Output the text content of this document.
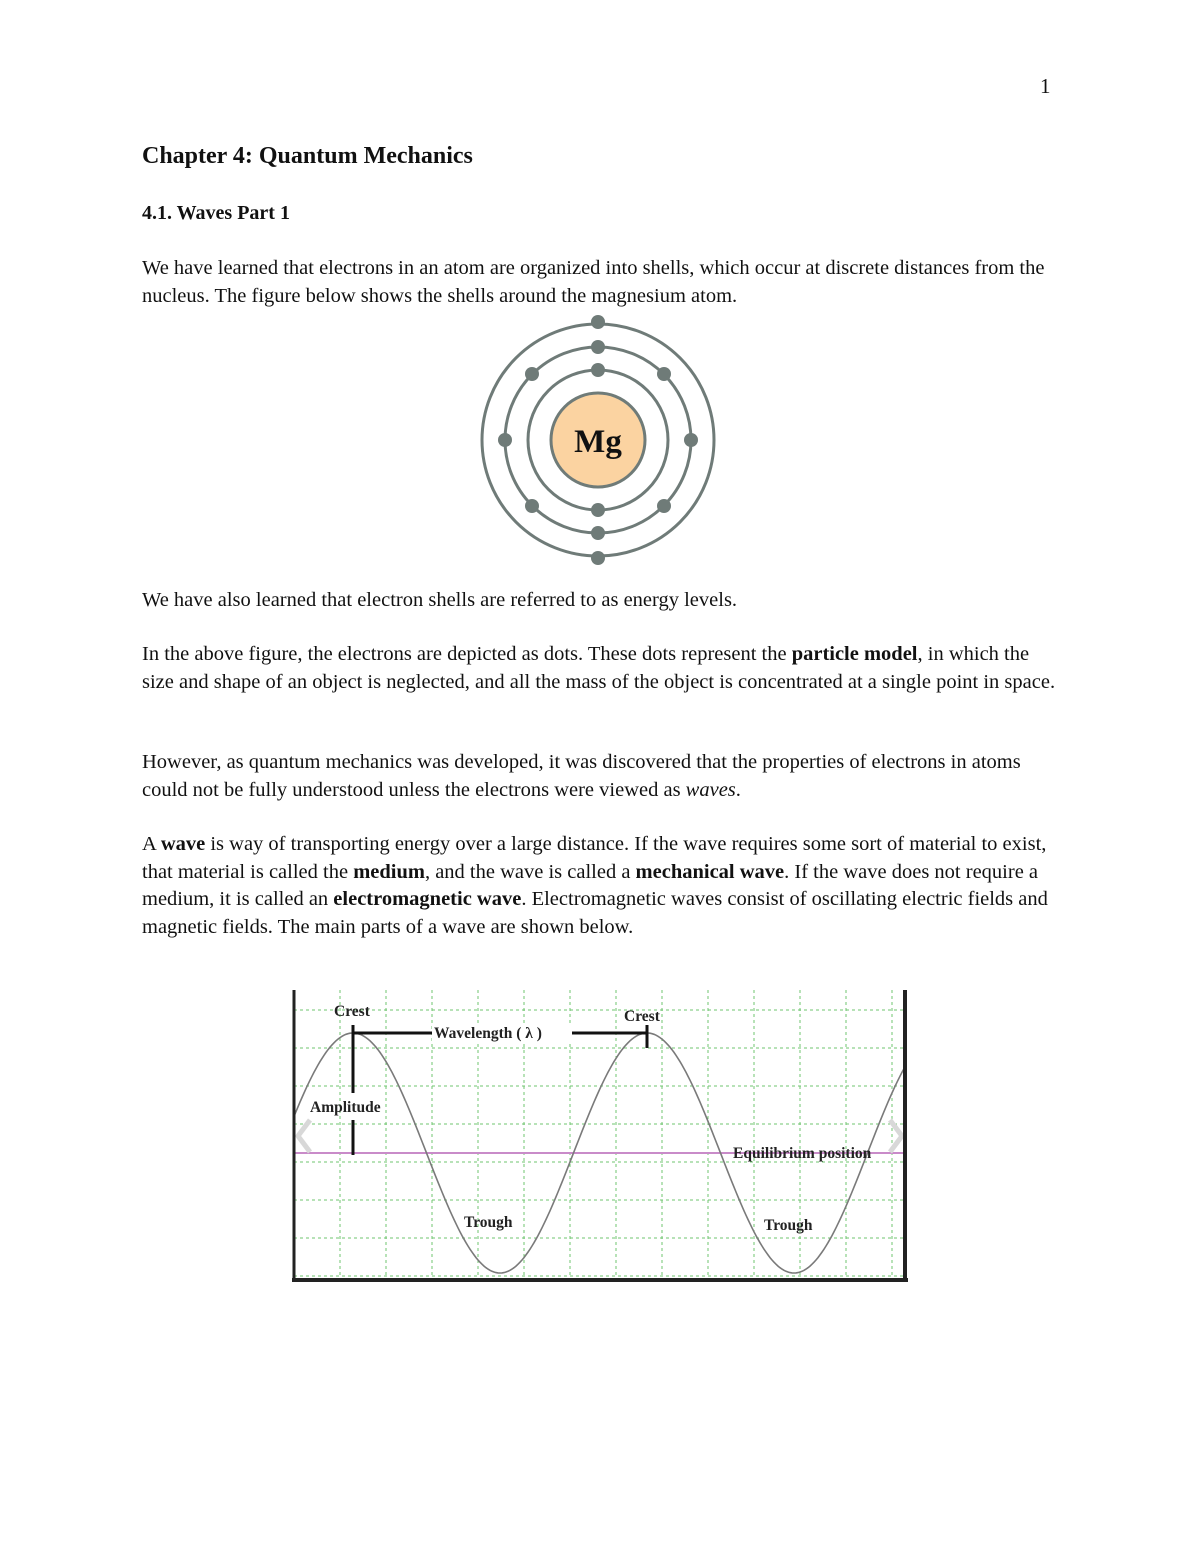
1
Chapter 4: Quantum Mechanics
4.1. Waves Part 1

We have learned that electrons in an atom are organized into shells, which occur at discrete distances from the nucleus. The figure below shows the shells around the magnesium atom.

Mg

We have also learned that electron shells are referred to as energy levels.

In the above figure, the electrons are depicted as dots. These dots represent the particle model, in which the size and shape of an object is neglected, and all the mass of the object is concentrated at a single point in space.

However, as quantum mechanics was developed, it was discovered that the properties of electrons in atoms could not be fully understood unless the electrons were viewed as waves.

A wave is way of transporting energy over a large distance. If the wave requires some sort of material to exist, that material is called the medium, and the wave is called a mechanical wave. If the wave does not require a medium, it is called an electromagnetic wave. Electromagnetic waves consist of oscillating electric fields and magnetic fields. The main parts of a wave are shown below.

Crest	Crest
Wavelength ( λ )
Amplitude
Equilibrium position
Trough	Trough
